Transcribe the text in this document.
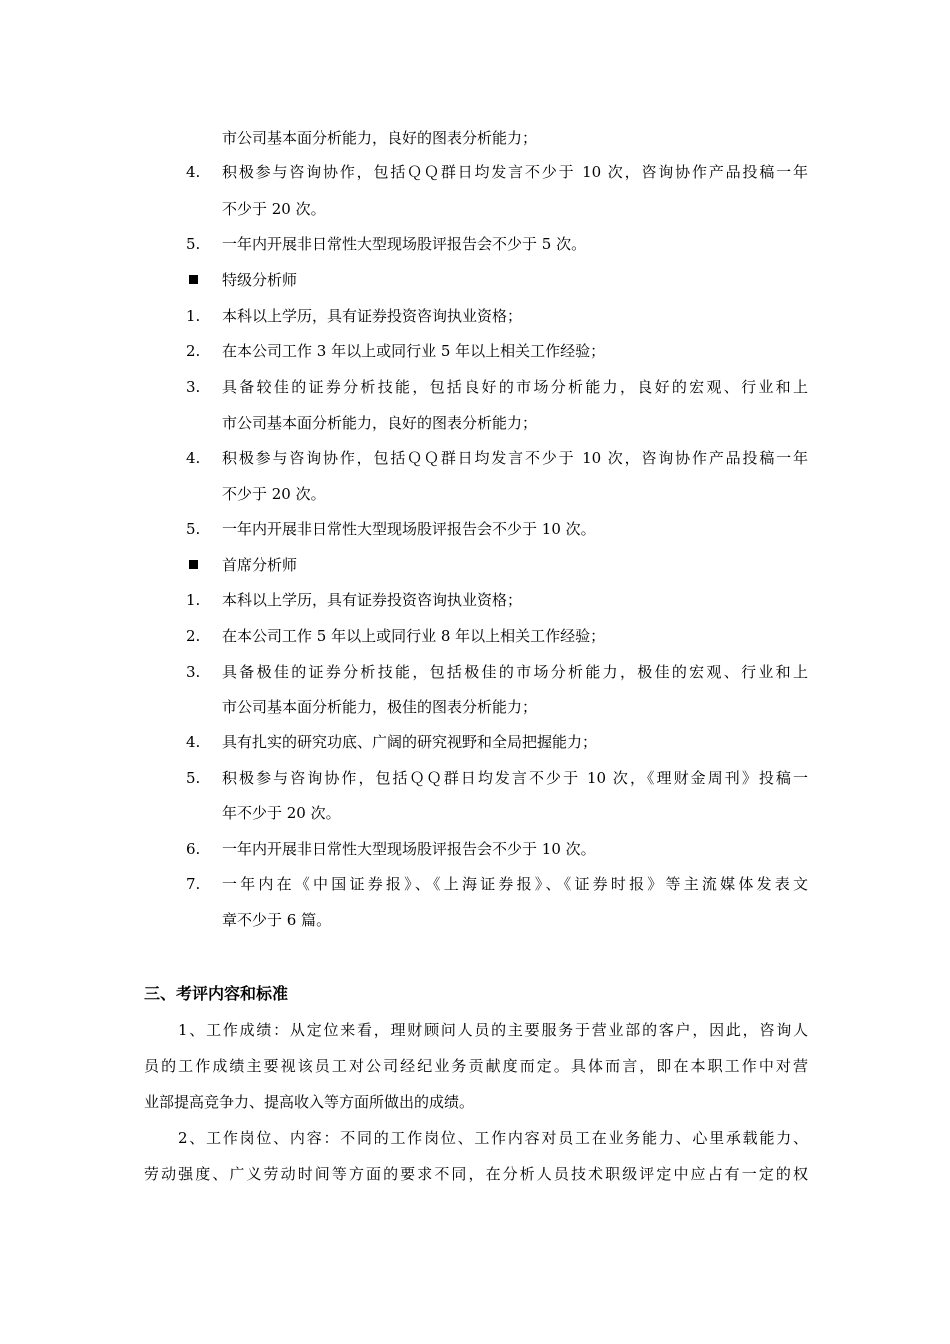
市公司基本面分析能力，良好的图表分析能力；
4.	积极参与咨询协作，包括ＱＱ群日均发言不少于 10 次，咨询协作产品投稿一年
不少于 20 次。
5.	一年内开展非日常性大型现场股评报告会不少于 5 次。
特级分析师
1.	本科以上学历，具有证券投资咨询执业资格；
2.	在本公司工作 3 年以上或同行业 5 年以上相关工作经验；
3.	具备较佳的证券分析技能，包括良好的市场分析能力，良好的宏观、行业和上
市公司基本面分析能力，良好的图表分析能力；
4.	积极参与咨询协作，包括ＱＱ群日均发言不少于 10 次，咨询协作产品投稿一年
不少于 20 次。
5.	一年内开展非日常性大型现场股评报告会不少于 10 次。
首席分析师
1.	本科以上学历，具有证券投资咨询执业资格；
2.	在本公司工作 5 年以上或同行业 8 年以上相关工作经验；
3.	具备极佳的证券分析技能，包括极佳的市场分析能力，极佳的宏观、行业和上
市公司基本面分析能力，极佳的图表分析能力；
4.	具有扎实的研究功底、广阔的研究视野和全局把握能力；
5.	积极参与咨询协作，包括ＱＱ群日均发言不少于 10 次，《理财金周刊》投稿一
年不少于 20 次。
6.	一年内开展非日常性大型现场股评报告会不少于 10 次。
7.	一年内在《中国证券报》、《上海证券报》、《证券时报》等主流媒体发表文
章不少于 6 篇。
三、考评内容和标准
1、工作成绩：从定位来看，理财顾问人员的主要服务于营业部的客户，因此，咨询人
员的工作成绩主要视该员工对公司经纪业务贡献度而定。具体而言，即在本职工作中对营
业部提高竞争力、提高收入等方面所做出的成绩。
2、工作岗位、内容：不同的工作岗位、工作内容对员工在业务能力、心里承载能力、
劳动强度、广义劳动时间等方面的要求不同，在分析人员技术职级评定中应占有一定的权
